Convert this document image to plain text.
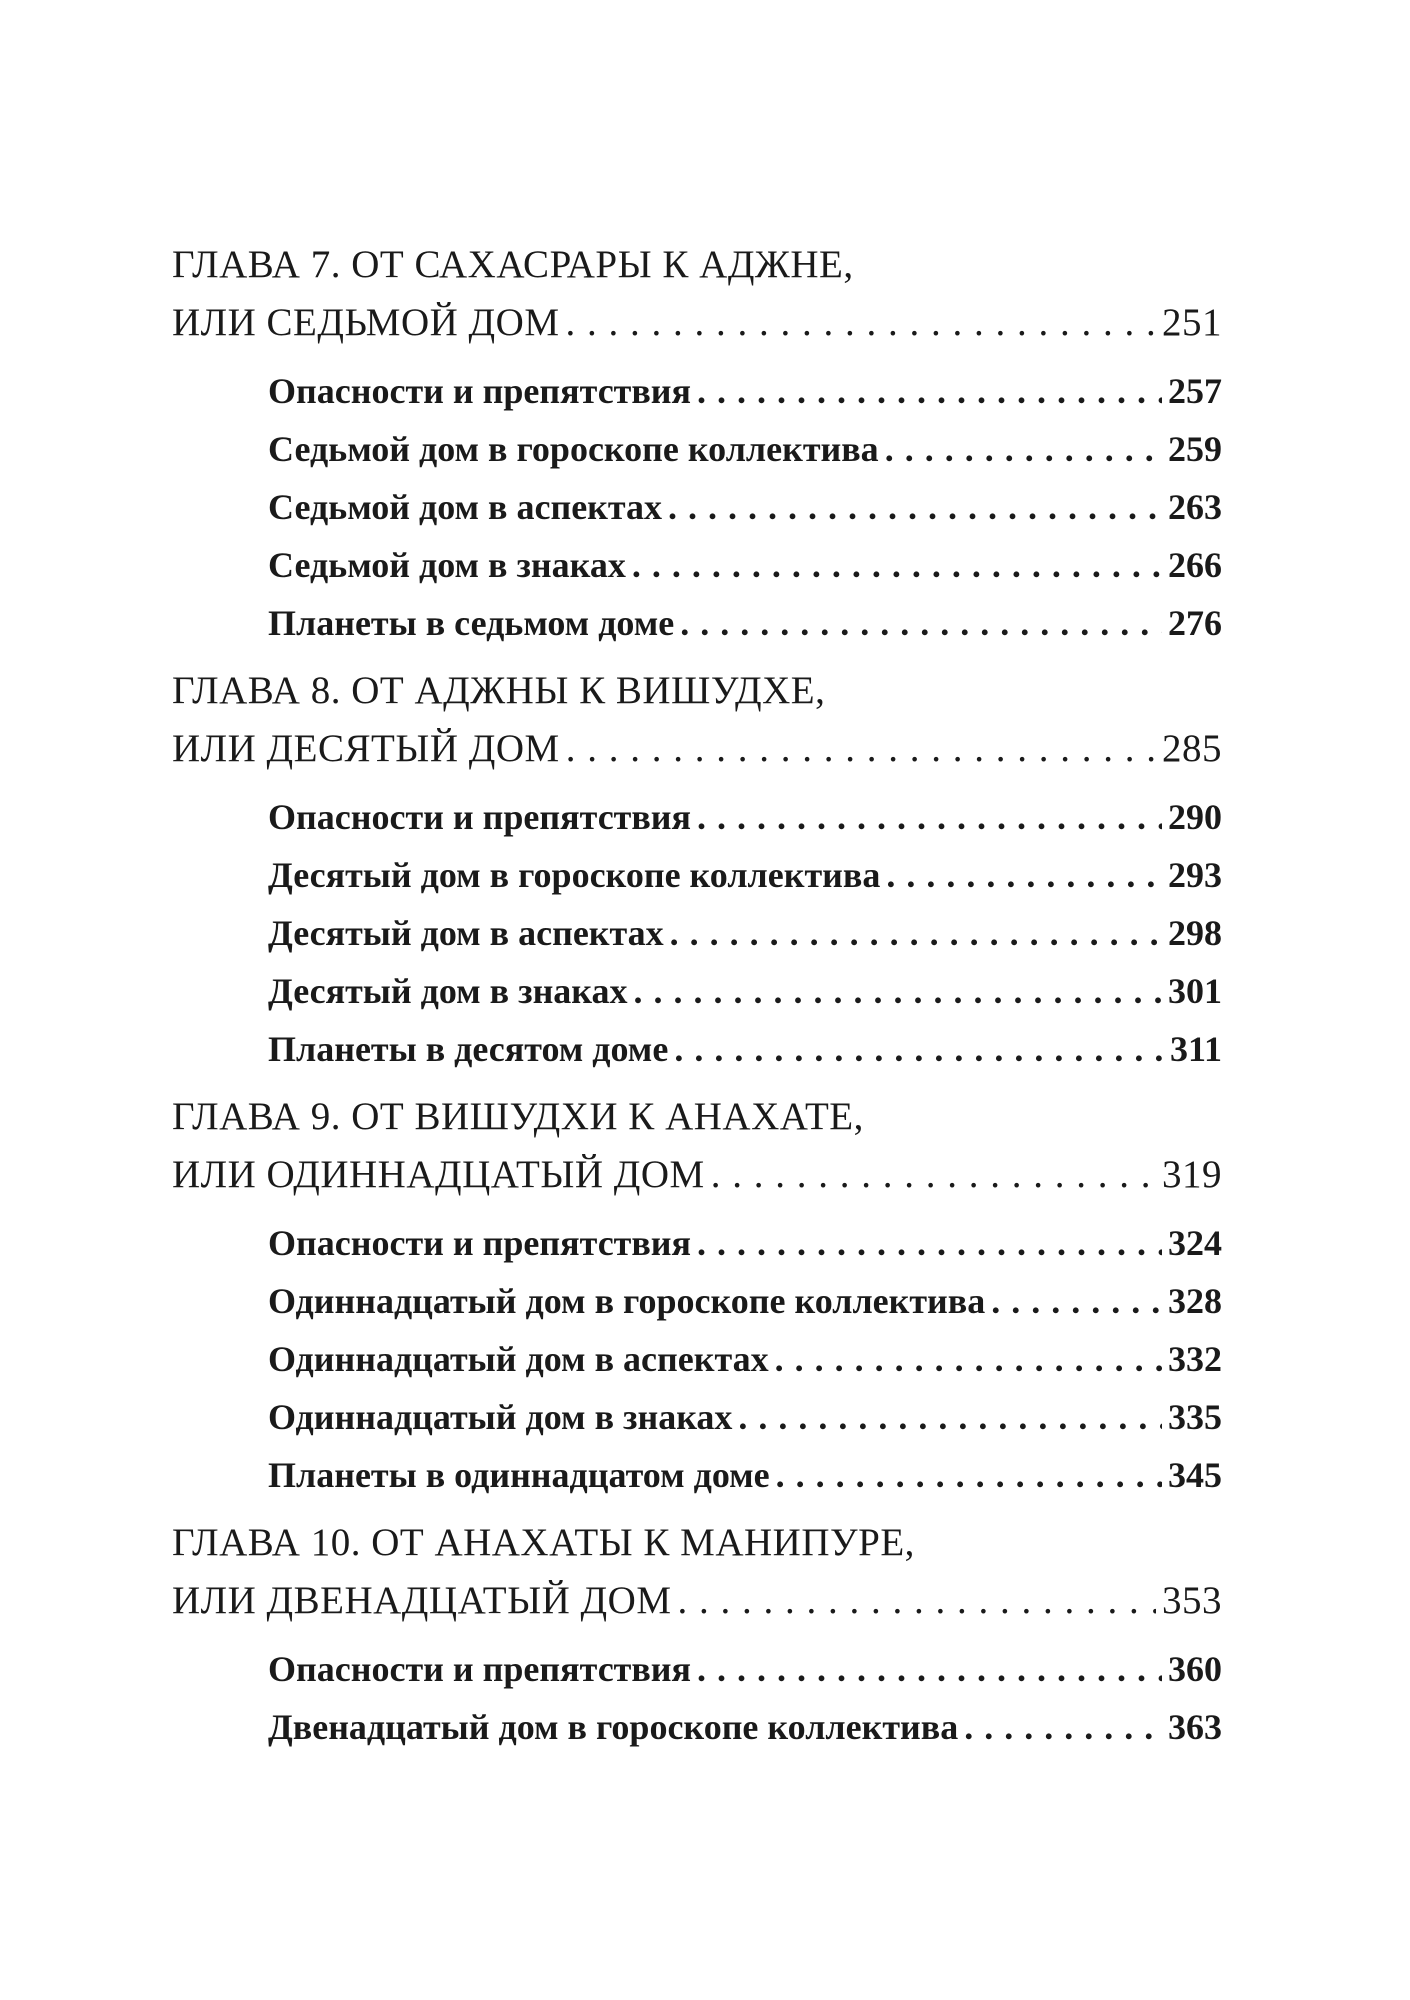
ГЛАВА 7. ОТ САХАСРАРЫ К АДЖНЕ,
ИЛИ СЕДЬМОЙ ДОМ . . .	251
Опасности и препятствия . . .	257
Седьмой дом в гороскопе коллектива . . .	259
Седьмой дом в аспектах . . .	263
Седьмой дом в знаках . . .	266
Планеты в седьмом доме . . .	276
ГЛАВА 8. ОТ АДЖНЫ К ВИШУДХЕ,
ИЛИ ДЕСЯТЫЙ ДОМ . . .	285
Опасности и препятствия . . .	290
Десятый дом в гороскопе коллектива . . .	293
Десятый дом в аспектах . . .	298
Десятый дом в знаках . . .	301
Планеты в десятом доме . . .	311
ГЛАВА 9. ОТ ВИШУДХИ К АНАХАТЕ,
ИЛИ ОДИННАДЦАТЫЙ ДОМ . . .	319
Опасности и препятствия . . .	324
Одиннадцатый дом в гороскопе коллектива . . .	328
Одиннадцатый дом в аспектах . . .	332
Одиннадцатый дом в знаках . . .	335
Планеты в одиннадцатом доме . . .	345
ГЛАВА 10. ОТ АНАХАТЫ К МАНИПУРЕ,
ИЛИ ДВЕНАДЦАТЫЙ ДОМ . . .	353
Опасности и препятствия . . .	360
Двенадцатый дом в гороскопе коллектива . . .	363
